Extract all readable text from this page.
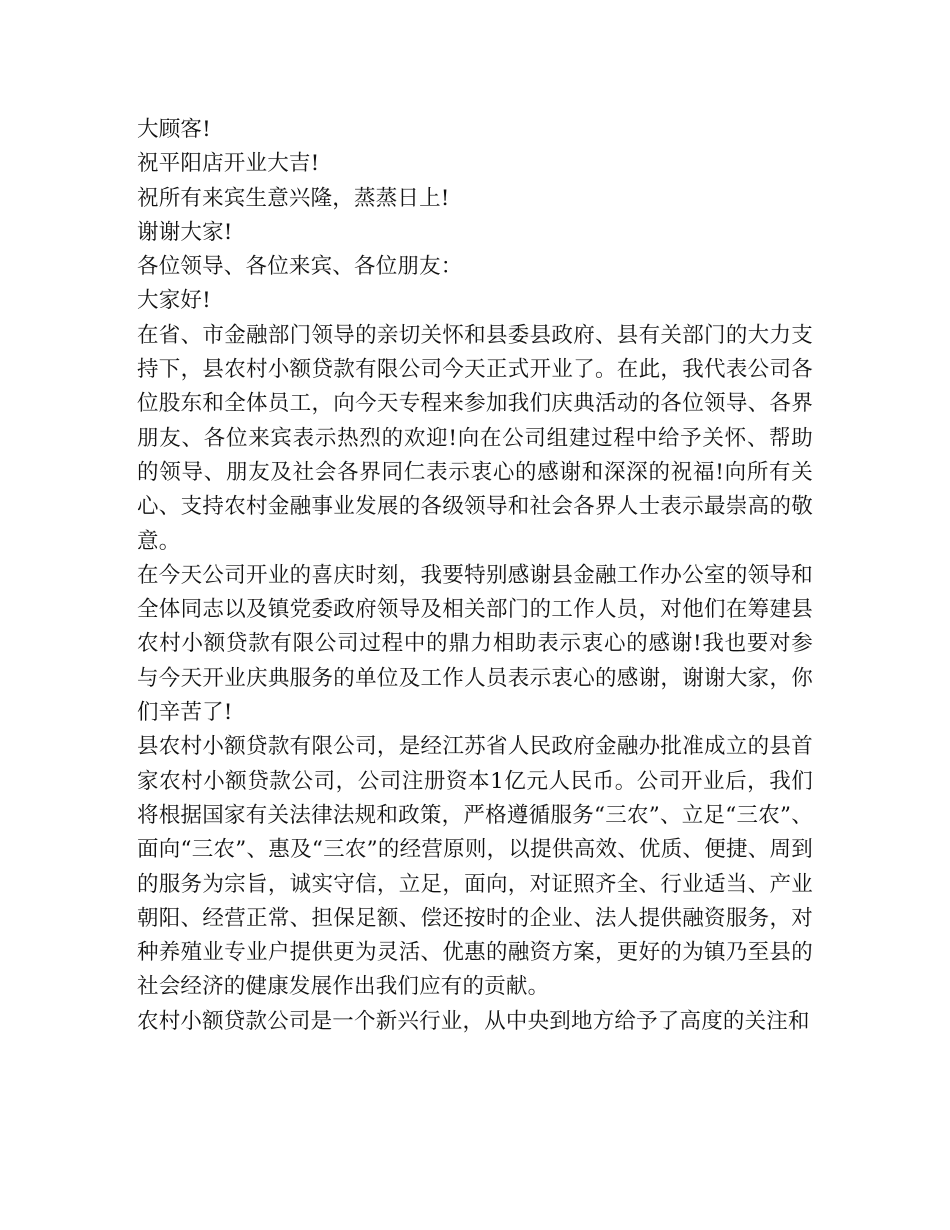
大顾客!

祝平阳店开业大吉!

祝所有来宾生意兴隆，蒸蒸日上!

谢谢大家!

各位领导、各位来宾、各位朋友：

大家好!

在省、市金融部门领导的亲切关怀和县委县政府、县有关部门的大力支持下，县农村小额贷款有限公司今天正式开业了。在此，我代表公司各位股东和全体员工，向今天专程来参加我们庆典活动的各位领导、各界朋友、各位来宾表示热烈的欢迎!向在公司组建过程中给予关怀、帮助的领导、朋友及社会各界同仁表示衷心的感谢和深深的祝福!向所有关心、支持农村金融事业发展的各级领导和社会各界人士表示最崇高的敬意。

在今天公司开业的喜庆时刻，我要特别感谢县金融工作办公室的领导和全体同志以及镇党委政府领导及相关部门的工作人员，对他们在筹建县农村小额贷款有限公司过程中的鼎力相助表示衷心的感谢!我也要对参与今天开业庆典服务的单位及工作人员表示衷心的感谢，谢谢大家，你们辛苦了!

县农村小额贷款有限公司，是经江苏省人民政府金融办批准成立的县首家农村小额贷款公司，公司注册资本1亿元人民币。公司开业后，我们将根据国家有关法律法规和政策，严格遵循服务“三农”、立足“三农”、面向“三农”、惠及“三农”的经营原则，以提供高效、优质、便捷、周到的服务为宗旨，诚实守信，立足，面向，对证照齐全、行业适当、产业朝阳、经营正常、担保足额、偿还按时的企业、法人提供融资服务，对种养殖业专业户提供更为灵活、优惠的融资方案，更好的为镇乃至县的社会经济的健康发展作出我们应有的贡献。

农村小额贷款公司是一个新兴行业，从中央到地方给予了高度的关注和
